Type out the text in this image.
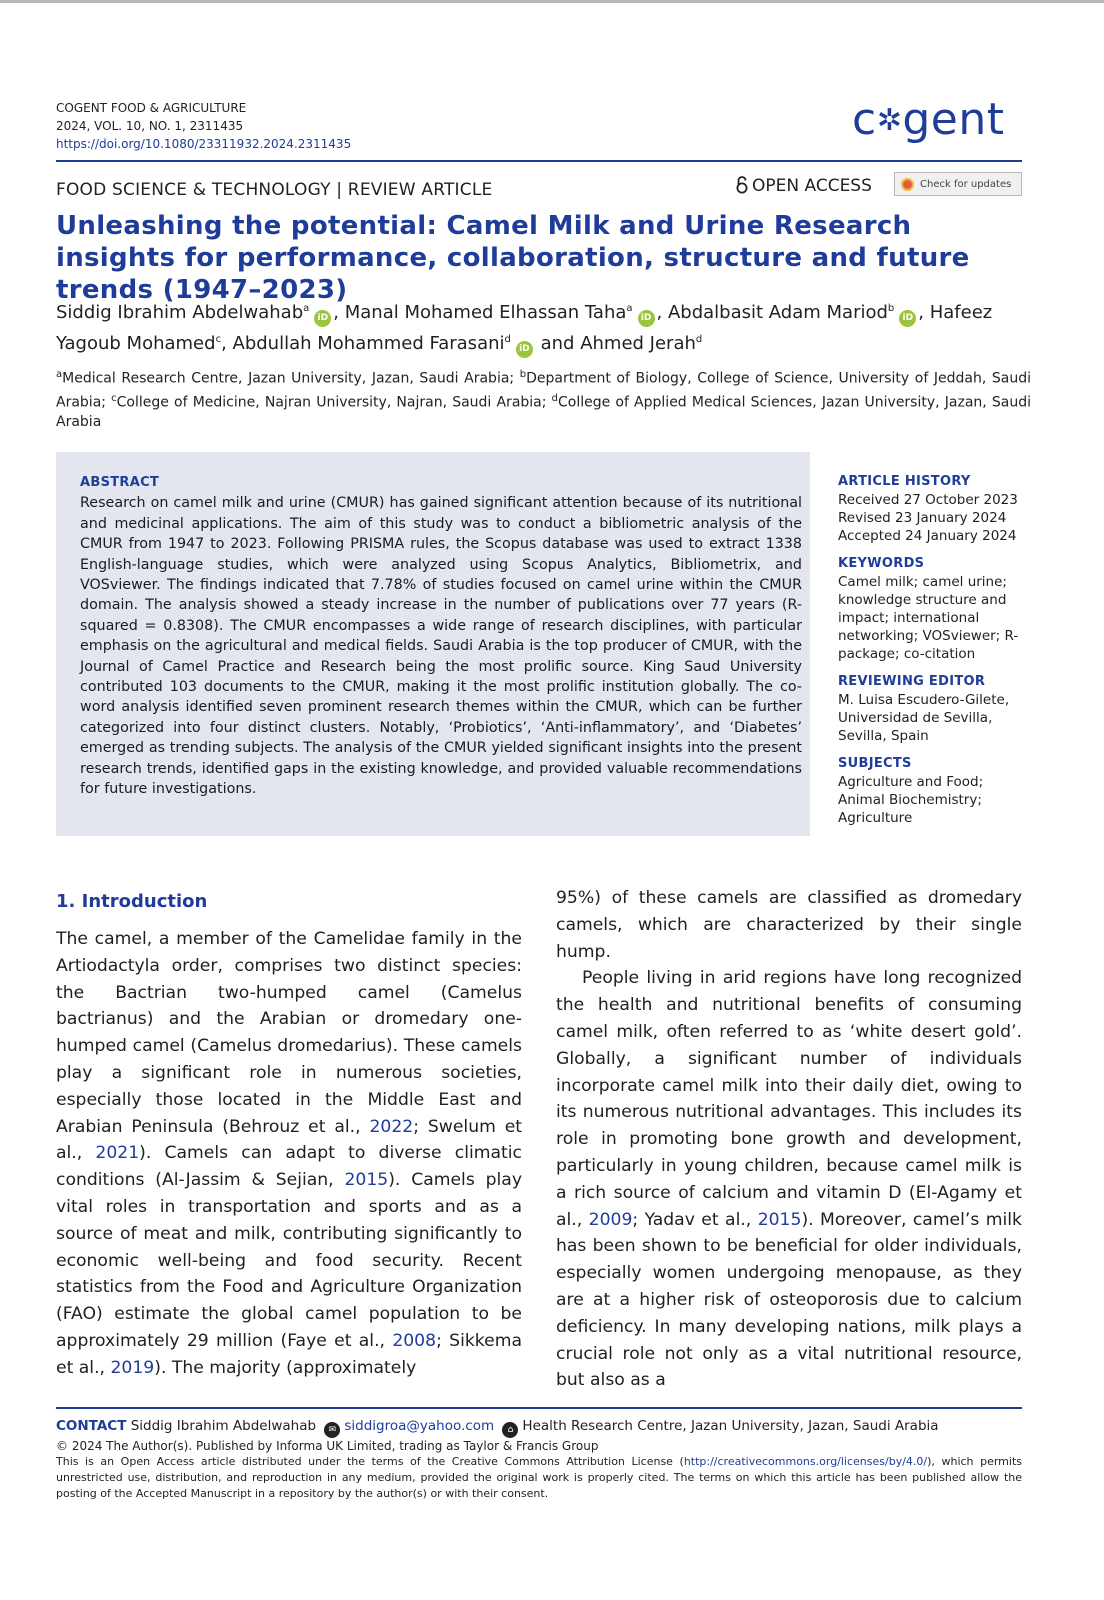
COGENT FOOD & AGRICULTURE
2024, VOL. 10, NO. 1, 2311435
https://doi.org/10.1080/23311932.2024.2311435	c✲gent
FOOD SCIENCE & TECHNOLOGY | REVIEW ARTICLE	OPEN ACCESS	Check for updates
Unleashing the potential: Camel Milk and Urine Research insights for performance, collaboration, structure and future trends (1947–2023)
Siddig Ibrahim Abdelwahab$^a$iD , Manal Mohamed Elhassan Taha$^a$iD , Abdalbasit Adam Mariod$^b$iD , Hafeez Yagoub Mohamed$^c$, Abdullah Mohammed Farasani$^d$iD and Ahmed Jerah$^d$
$^a$Medical Research Centre, Jazan University, Jazan, Saudi Arabia; $^b$Department of Biology, College of Science, University of Jeddah, Saudi Arabia; $^c$College of Medicine, Najran University, Najran, Saudi Arabia; $^d$College of Applied Medical Sciences, Jazan University, Jazan, Saudi Arabia
ABSTRACT
Research on camel milk and urine (CMUR) has gained significant attention because of its nutritional and medicinal applications. The aim of this study was to conduct a bibliometric analysis of the CMUR from 1947 to 2023. Following PRISMA rules, the Scopus database was used to extract 1338 English-language studies, which were analyzed using Scopus Analytics, Bibliometrix, and VOSviewer. The findings indicated that 7.78% of studies focused on camel urine within the CMUR domain. The analysis showed a steady increase in the number of publications over 77 years (R-squared = 0.8308). The CMUR encompasses a wide range of research disciplines, with particular emphasis on the agricultural and medical fields. Saudi Arabia is the top producer of CMUR, with the Journal of Camel Practice and Research being the most prolific source. King Saud University contributed 103 documents to the CMUR, making it the most prolific institution globally. The co-word analysis identified seven prominent research themes within the CMUR, which can be further categorized into four distinct clusters. Notably, ‘Probiotics’, ‘Anti-inflammatory’, and ‘Diabetes’ emerged as trending subjects. The analysis of the CMUR yielded significant insights into the present research trends, identified gaps in the existing knowledge, and provided valuable recommendations for future investigations.
ARTICLE HISTORY
Received 27 October 2023
Revised 23 January 2024
Accepted 24 January 2024
KEYWORDS
Camel milk; camel urine; knowledge structure and impact; international networking; VOSviewer; R-package; co-citation
REVIEWING EDITOR
M. Luisa Escudero-Gilete, Universidad de Sevilla, Sevilla, Spain
SUBJECTS
Agriculture and Food; Animal Biochemistry; Agriculture
1. Introduction
The camel, a member of the Camelidae family in the Artiodactyla order, comprises two distinct species: the Bactrian two-humped camel (Camelus bactrianus) and the Arabian or dromedary one-humped camel (Camelus dromedarius). These camels play a significant role in numerous societies, especially those located in the Middle East and Arabian Peninsula (Behrouz et al., 2022; Swelum et al., 2021). Camels can adapt to diverse climatic conditions (Al-Jassim & Sejian, 2015). Camels play vital roles in transportation and sports and as a source of meat and milk, contributing significantly to economic well-being and food security. Recent statistics from the Food and Agriculture Organization (FAO) estimate the global camel population to be approximately 29 million (Faye et al., 2008; Sikkema et al., 2019). The majority (approximately

95%) of these camels are classified as dromedary camels, which are characterized by their single hump.

People living in arid regions have long recognized the health and nutritional benefits of consuming camel milk, often referred to as ‘white desert gold’. Globally, a significant number of individuals incorporate camel milk into their daily diet, owing to its numerous nutritional advantages. This includes its role in promoting bone growth and development, particularly in young children, because camel milk is a rich source of calcium and vitamin D (El-Agamy et al., 2009; Yadav et al., 2015). Moreover, camel’s milk has been shown to be beneficial for older individuals, especially women undergoing menopause, as they are at a higher risk of osteoporosis due to calcium deficiency. In many developing nations, milk plays a crucial role not only as a vital nutritional resource, but also as a

CONTACT Siddig Ibrahim Abdelwahab ✉ siddigroa@yahoo.com ⌂ Health Research Centre, Jazan University, Jazan, Saudi Arabia
© 2024 The Author(s). Published by Informa UK Limited, trading as Taylor & Francis Group
This is an Open Access article distributed under the terms of the Creative Commons Attribution License (http://creativecommons.org/licenses/by/4.0/), which permits unrestricted use, distribution, and reproduction in any medium, provided the original work is properly cited. The terms on which this article has been published allow the posting of the Accepted Manuscript in a repository by the author(s) or with their consent.
